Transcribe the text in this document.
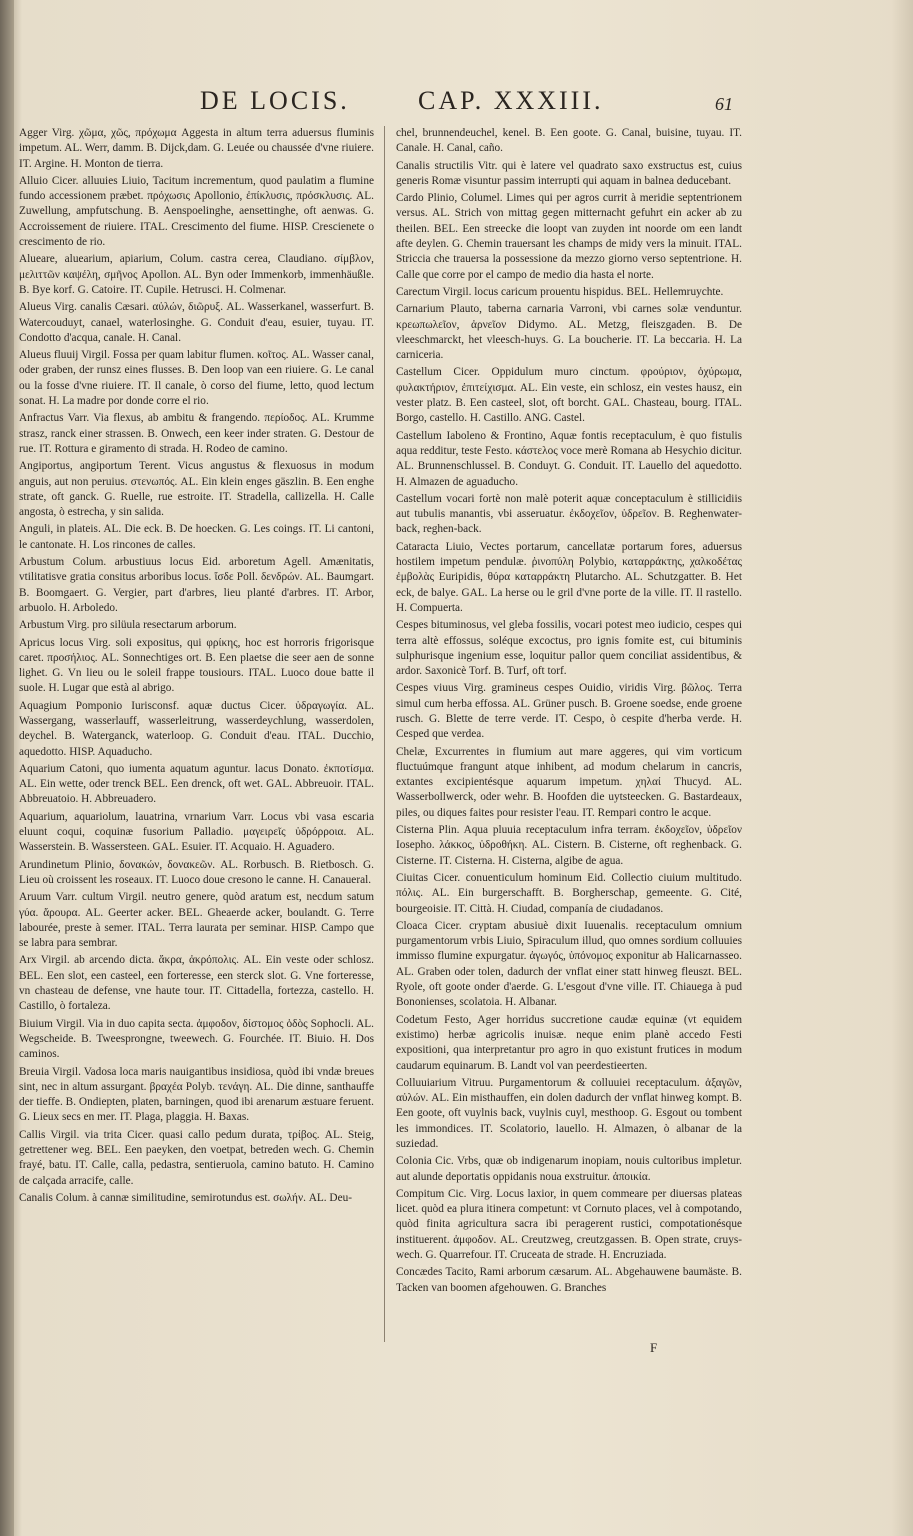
DE LOCIS.	CAP. XXXIII.	61
Agger Virg. χῶμα, χῶς, πρόχωμα Aggesta in altum terra aduersus fluminis impetum. AL. Werr, damm. B. Dijck,dam. G. Leuée ou chaussée d'vne riuiere. IT. Argine. H. Monton de tierra.
Alluio Cicer. alluuies Liuio, Tacitum incrementum, quod paulatim a flumine fundo accessionem præbet. πρόχωσις Apollonio, ἐπίκλυσις, πρόσκλυσις. AL. Zuwellung, ampfutschung. B. Aenspoelinghe, aensettinghe, oft aenwas. G. Accroissement de riuiere. ITAL. Crescimento del fiume. HISP. Crescienete o crescimento de rio.
Alueare, aluearium, apiarium, Colum. castra cerea, Claudiano. σίμβλον, μελιττῶν καψέλη, σμῆνος Apollon. AL. Byn oder Immenkorb, immenhäußle. B. Bye korf. G. Catoire. IT. Cupile. Hetrusci. H. Colmenar.
Alueus Virg. canalis Cæsari. αὐλών, διῶρυξ. AL. Wasserkanel, wasserfurt. B. Watercouduyt, canael, waterlosinghe. G. Conduit d'eau, esuier, tuyau. IT. Condotto d'acqua, canale. H. Canal.
Alueus fluuij Virgil. Fossa per quam labitur flumen. κοῖτος. AL. Wasser canal, oder graben, der runsz eines flusses. B. Den loop van een riuiere. G. Le canal ou la fosse d'vne riuiere. IT. Il canale, ò corso del fiume, letto, quod lectum sonat. H. La madre por donde corre el rio.
Anfractus Varr. Via flexus, ab ambitu & frangendo. περίοδος. AL. Krumme strasz, ranck einer strassen. B. Onwech, een keer inder straten. G. Destour de rue. IT. Rottura e giramento di strada. H. Rodeo de camino.
Angiportus, angiportum Terent. Vicus angustus & flexuosus in modum anguis, aut non peruius. στενωπός. AL. Ein klein enges gäszlin. B. Een enghe strate, oft ganck. G. Ruelle, rue estroite. IT. Stradella, callizella. H. Calle angosta, ò estrecha, y sin salida.
Anguli, in plateis. AL. Die eck. B. De hoecken. G. Les coings. IT. Li cantoni, le cantonate. H. Los rincones de calles.
Arbustum Colum. arbustiuus locus Eid. arboretum Agell. Amænitatis, vtilitatisve gratia consitus arboribus locus. ἴσδε Poll. δενδρών. AL. Baumgart. B. Boomgaert. G. Vergier, part d'arbres, lieu planté d'arbres. IT. Arbor, arbuolo. H. Arboledo.
Arbustum Virg. pro silüula resectarum arborum.
Apricus locus Virg. soli expositus, qui φρίκης, hoc est horroris frigorisque caret. προσήλιος. AL. Sonnechtiges ort. B. Een plaetse die seer aen de sonne lighet. G. Vn lieu ou le soleil frappe tousiours. ITAL. Luoco doue batte il suole. H. Lugar que està al abrigo.
Aquagium Pomponio Iurisconsf. aquæ ductus Cicer. ὑδραγωγία. AL. Wassergang, wasserlauff, wasserleitrung, wasserdeychlung, wasserdolen, deychel. B. Waterganck, waterloop. G. Conduit d'eau. ITAL. Ducchio, aquedotto. HISP. Aquaducho.
Aquarium Catoni, quo iumenta aquatum aguntur. lacus Donato. ἐκποτίσμα. AL. Ein wette, oder trenck BEL. Een drenck, oft wet. GAL. Abbreuoir. ITAL. Abbreuatoio. H. Abbreuadero.
Aquarium, aquariolum, lauatrina, vrnarium Varr. Locus vbi vasa escaria eluunt coqui, coquinæ fusorium Palladio. μαγειρεῖς ὑδρόρροια. AL. Wasserstein. B. Wassersteen. GAL. Esuier. IT. Acquaio. H. Aguadero.
Arundinetum Plinio, δονακών, δονακεῶν. AL. Rorbusch. B. Rietbosch. G. Lieu où croissent les roseaux. IT. Luoco doue cresono le canne. H. Canaueral.
Aruum Varr. cultum Virgil. neutro genere, quòd aratum est, necdum satum γύα. ἄρουρα. AL. Geerter acker. BEL. Gheaerde acker, boulandt. G. Terre labourée, preste à semer. ITAL. Terra laurata per seminar. HISP. Campo que se labra para sembrar.
Arx Virgil. ab arcendo dicta. ἄκρα, ἀκρόπολις. AL. Ein veste oder schlosz. BEL. Een slot, een casteel, een forteresse, een sterck slot. G. Vne forteresse, vn chasteau de defense, vne haute tour. IT. Cittadella, fortezza, castello. H. Castillo, ò fortaleza.
Biuium Virgil. Via in duo capita secta. ἀμφοδον, δίστομος ὁδὸς Sophocli. AL. Wegscheide. B. Tweesprongne, tweewech. G. Fourchée. IT. Biuio. H. Dos caminos.
Breuia Virgil. Vadosa loca maris nauigantibus insidiosa, quòd ibi vndæ breues sint, nec in altum assurgant. βραχέα Polyb. τενάγη. AL. Die dinne, santhauffe der tieffe. B. Ondiepten, platen, barningen, quod ibi arenarum æstuare feruent. G. Lieux secs en mer. IT. Plaga, plaggia. H. Baxas.
Callis Virgil. via trita Cicer. quasi callo pedum durata, τρίβος. AL. Steig, getrettener weg. BEL. Een paeyken, den voetpat, betreden wech. G. Chemin frayé, batu. IT. Calle, calla, pedastra, sentieruola, camino batuto. H. Camino de calçada arracife, calle.
Canalis Colum. à cannæ similitudine, semirotundus est. σωλήν. AL. Deu-
chel, brunnendeuchel, kenel. B. Een goote. G. Canal, buisine, tuyau. IT. Canale. H. Canal, caño.
Canalis structilis Vitr. qui è latere vel quadrato saxo exstructus est, cuius generis Romæ visuntur passim interrupti qui aquam in balnea deducebant.
Cardo Plinio, Columel. Limes qui per agros currit à meridie septentrionem versus. AL. Strich von mittag gegen mitternacht gefuhrt ein acker ab zu theilen. BEL. Een streecke die loopt van zuyden int noorde om een landt afte deylen. G. Chemin trauersant les champs de midy vers la minuit. ITAL. Striccia che trauersa la possessione da mezzo giorno verso septentrione. H. Calle que corre por el campo de medio dia hasta el norte.
Carectum Virgil. locus caricum prouentu hispidus. BEL. Hellemruychte.
Carnarium Plauto, taberna carnaria Varroni, vbi carnes solæ venduntur. κρεωπωλεῖον, ἀρνεῖον Didymo. AL. Metzg, fleiszgaden. B. De vleeschmarckt, het vleesch-huys. G. La boucherie. IT. La beccaria. H. La carniceria.
Castellum Cicer. Oppidulum muro cinctum. φρούριον, ὀχύρωμα, φυλακτήριον, ἐπιτείχισμα. AL. Ein veste, ein schlosz, ein vestes hausz, ein vester platz. B. Een casteel, slot, oft borcht. GAL. Chasteau, bourg. ITAL. Borgo, castello. H. Castillo. ANG. Castel.
Castellum Iaboleno & Frontino, Aquæ fontis receptaculum, è quo fistulis aqua redditur, teste Festo. κάστελος voce merè Romana ab Hesychio dicitur. AL. Brunnenschlussel. B. Conduyt. G. Conduit. IT. Lauello del aquedotto. H. Almazen de aguaducho.
Castellum vocari fortè non malè poterit aquæ conceptaculum è stillicidiis aut tubulis manantis, vbi asseruatur. ἐκδοχεῖον, ὑδρεῖον. B. Reghenwater-back, reghen-back.
Cataracta Liuio, Vectes portarum, cancellatæ portarum fores, aduersus hostilem impetum pendulæ. ῥινοπύλη Polybio, καταρράκτης, χαλκοδέτας ἐμβολὰς Euripidis, θύρα καταρράκτη Plutarcho. AL. Schutzgatter. B. Het eck, de balye. GAL. La herse ou le gril d'vne porte de la ville. IT. Il rastello. H. Compuerta.
Cespes bituminosus, vel gleba fossilis, vocari potest meo iudicio, cespes qui terra altè effossus, soléque excoctus, pro ignis fomite est, cui bituminis sulphurisque ingenium esse, loquitur pallor quem conciliat assidentibus, & ardor. Saxonicè Torf. B. Turf, oft torf.
Cespes viuus Virg. gramineus cespes Ouidio, viridis Virg. βῶλος. Terra simul cum herba effossa. AL. Grüner pusch. B. Groene soedse, ende groene rusch. G. Blette de terre verde. IT. Cespo, ò cespite d'herba verde. H. Cesped que verdea.
Chelæ, Excurrentes in flumium aut mare aggeres, qui vim vorticum fluctuúmque frangunt atque inhibent, ad modum chelarum in cancris, extantes excipientésque aquarum impetum. χηλαί Thucyd. AL. Wasserbollwerck, oder wehr. B. Hoofden die uytsteecken. G. Bastardeaux, piles, ou diques faites pour resister l'eau. IT. Rempari contro le acque.
Cisterna Plin. Aqua pluuia receptaculum infra terram. ἐκδοχεῖον, ὑδρεῖον Iosepho. λάκκος, ὑδροθήκη. AL. Cistern. B. Cisterne, oft reghenback. G. Cisterne. IT. Cisterna. H. Cisterna, algibe de agua.
Ciuitas Cicer. conuenticulum hominum Eid. Collectio ciuium multitudo. πόλις. AL. Ein burgerschafft. B. Borgherschap, gemeente. G. Cité, bourgeoisie. IT. Città. H. Ciudad, companía de ciudadanos.
Cloaca Cicer. cryptam abusiuè dixit Iuuenalis. receptaculum omnium purgamentorum vrbis Liuio, Spiraculum illud, quo omnes sordium colluuies immisso flumine expurgatur. ἀγωγός, ὑπόνομος exponitur ab Halicarnasseo. AL. Graben oder tolen, dadurch der vnflat einer statt hinweg fleuszt. BEL. Ryole, oft goote onder d'aerde. G. L'esgout d'vne ville. IT. Chiauega à pud Bononienses, scolatoia. H. Albanar.
Codetum Festo, Ager horridus succretione caudæ equinæ (vt equidem existimo) herbæ agricolis inuisæ. neque enim planè accedo Festi expositioni, qua interpretantur pro agro in quo existunt frutices in modum caudarum equinarum. B. Landt vol van peerdestieerten.
Colluuiarium Vitruu. Purgamentorum & colluuiei receptaculum. ἀξαγῶν, αὐλών. AL. Ein misthauffen, ein dolen dadurch der vnflat hinweg kompt. B. Een goote, oft vuylnis back, vuylnis cuyl, mesthoop. G. Esgout ou tombent les immondices. IT. Scolatorio, lauello. H. Almazen, ò albanar de la suziedad.
Colonia Cic. Vrbs, quæ ob indigenarum inopiam, nouis cultoribus impletur. aut alunde deportatis oppidanis noua exstruitur. ἀποικία.
Compitum Cic. Virg. Locus laxior, in quem commeare per diuersas plateas licet. quòd ea plura itinera competunt: vt Cornuto places, vel à compotando, quòd finita agricultura sacra ibi peragerent rustici, compotationésque instituerent. ἀμφοδον. AL. Creutzweg, creutzgassen. B. Open strate, cruys-wech. G. Quarrefour. IT. Cruceata de strade. H. Encruziada.
Concædes Tacito, Rami arborum cæsarum. AL. Abgehauwene baumäste. B. Tacken van boomen afgehouwen. G. Branches
F
